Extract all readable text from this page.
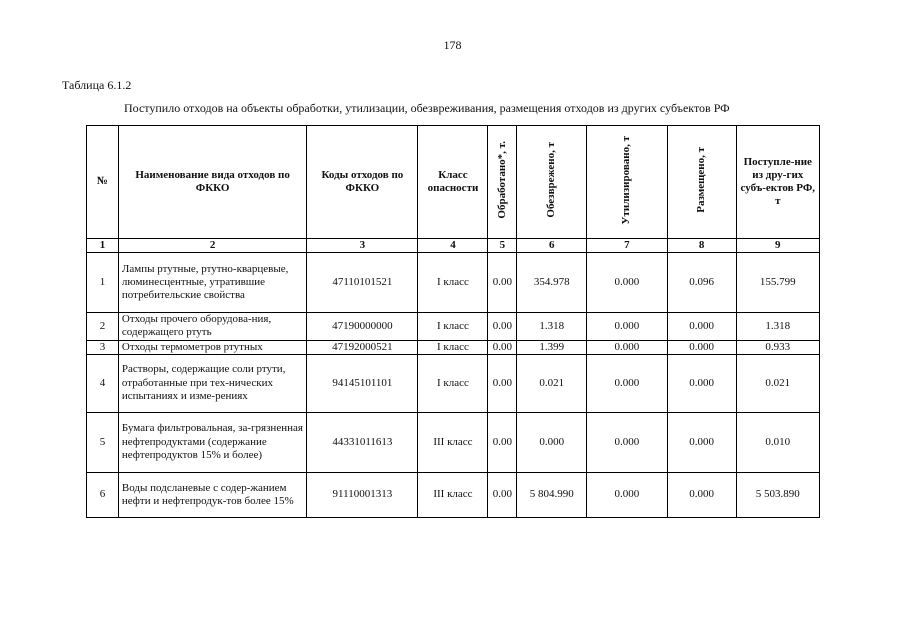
178
Таблица 6.1.2
Поступило отходов на объекты обработки, утилизации, обезвреживания, размещения отходов из других субъектов РФ
№	Наименование вида отходов по ФККО	Коды отходов по ФККО	Класс опасности	Обработано*, т.	Обезврежено, т	Утилизировано, т	Размещено, т	Поступле-ние из дру-гих субъ-ектов РФ, т
1	2	3	4	5	6	7	8	9
1	Лампы ртутные, ртутно-кварцевые, люминесцентные, утратившие потребительские свойства	47110101521	I класс	0.00	354.978	0.000	0.096	155.799
2	Отходы прочего оборудова-ния, содержащего ртуть	47190000000	I класс	0.00	1.318	0.000	0.000	1.318
3	Отходы термометров ртутных	47192000521	I класс	0.00	1.399	0.000	0.000	0.933
4	Растворы, содержащие соли ртути, отработанные при тех-нических испытаниях и изме-рениях	94145101101	I класс	0.00	0.021	0.000	0.000	0.021
5	Бумага фильтровальная, за-грязненная нефтепродуктами (содержание нефтепродуктов 15% и более)	44331011613	III класс	0.00	0.000	0.000	0.000	0.010
6	Воды подсланевые с содер-жанием нефти и нефтепродук-тов более 15%	91110001313	III класс	0.00	5 804.990	0.000	0.000	5 503.890
